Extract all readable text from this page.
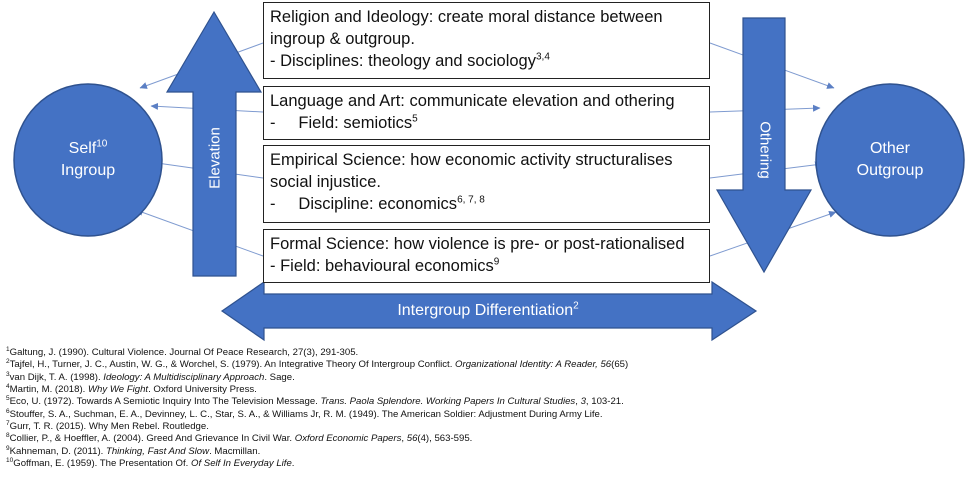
Self$^{10}$
Ingroup
Other
Outgroup
Elevation	Othering
Intergroup Differentiation$^2$
Religion and Ideology: create moral distance between ingroup & outgroup.
- Disciplines: theology and sociology$^{3,4}$
Language and Art: communicate elevation and othering
-     Field: semiotics$^5$
Empirical Science: how economic activity structuralises social injustice.
-     Discipline: economics$^{6, 7, 8}$
Formal Science: how violence is pre- or post-rationalised
- Field: behavioural economics$^9$
$^1$Galtung, J. (1990). Cultural Violence. Journal Of Peace Research, 27(3), 291-305.
$^2$Tajfel, H., Turner, J. C., Austin, W. G., & Worchel, S. (1979). An Integrative Theory Of Intergroup Conflict. Organizational Identity: A Reader, 56(65)
$^3$van Dijk, T. A. (1998). Ideology: A Multidisciplinary Approach. Sage.
$^4$Martin, M. (2018). Why We Fight. Oxford University Press.
$^5$Eco, U. (1972). Towards A Semiotic Inquiry Into The Television Message. Trans. Paola Splendore. Working Papers In Cultural Studies, 3, 103-21.
$^6$Stouffer, S. A., Suchman, E. A., Devinney, L. C., Star, S. A., & Williams Jr, R. M. (1949). The American Soldier: Adjustment During Army Life.
$^7$Gurr, T. R. (2015). Why Men Rebel. Routledge.
$^8$Collier, P., & Hoeffler, A. (2004). Greed And Grievance In Civil War. Oxford Economic Papers, 56(4), 563-595.
$^9$Kahneman, D. (2011). Thinking, Fast And Slow. Macmillan.
$^{10}$Goffman, E. (1959). The Presentation Of. Of Self In Everyday Life.
